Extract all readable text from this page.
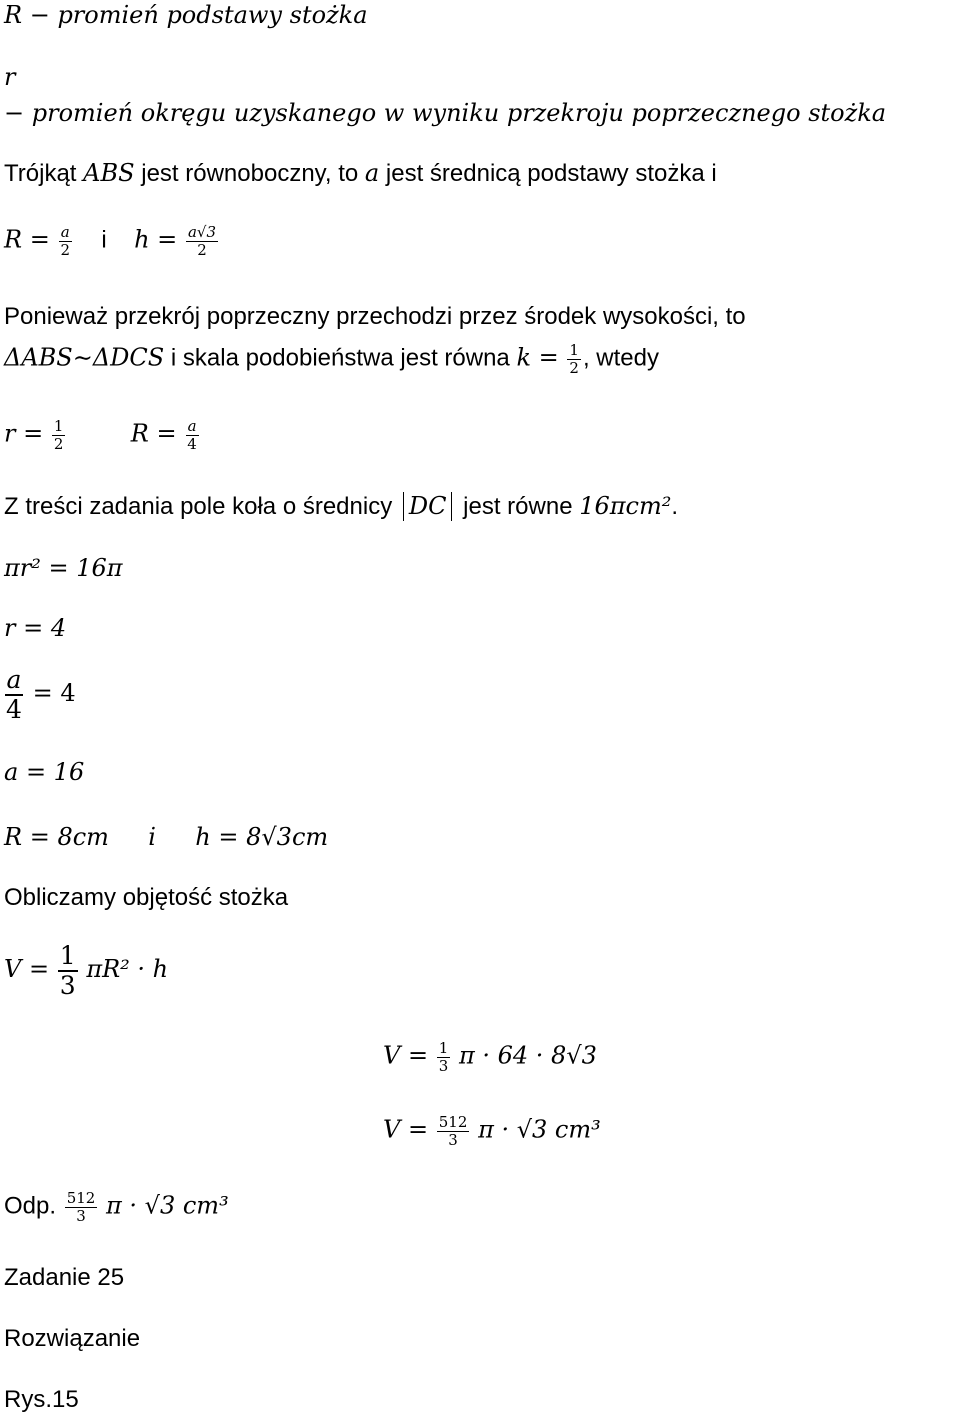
R − promień podstawy stożka
r
− promień okręgu uzyskanego w wyniku przekroju poprzecznego stożka
Trójkąt ABS jest równoboczny, to a jest średnicą podstawy stożka i
$R = \frac{a}{2}$ i $h = \frac{a√3}{2}$
Ponieważ przekrój poprzeczny przechodzi przez środek wysokości, to
ΔABS∼ΔDCS i skala podobieństwa jest równa $k = \frac{1}{2}$ , wtedy
$r = \frac{1}{2}$	$R = \frac{a}{4}$
Z treści zadania pole koła o średnicy DC jest równe 16πcm².
πr² = 16π
r = 4
$\frac{a}{4} = 4$
a = 16
R = 8cm i h = 8√3cm
Obliczamy objętość stożka
$V = \frac{1}{3} \pi R^2 \cdot h$
$V = \frac{1}{3}$ π · 64 · 8√3
$V = \frac{512}{3}$ π · √3 cm³
Odp. $\frac{512}{3}$ π · √3 cm³
Zadanie 25
Rozwiązanie
Rys.15
